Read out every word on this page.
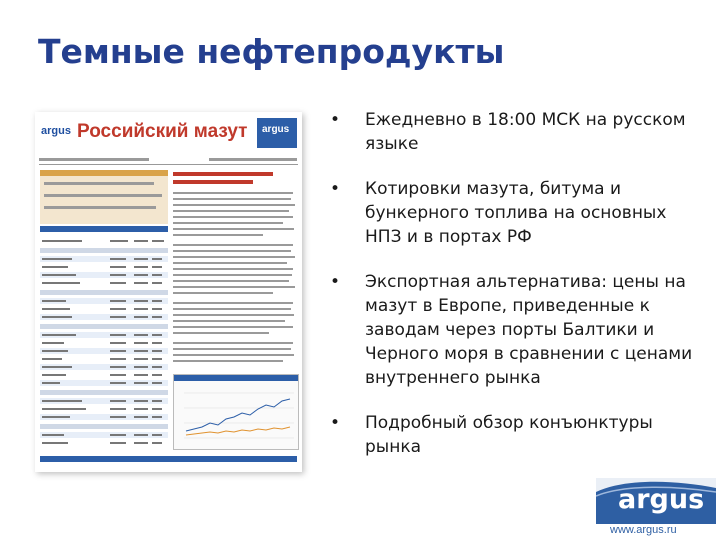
Темные нефтепродукты
argus Российский мазут argus • Ежедневно в 18:00 МСК на русском языке
• Котировки мазута, битума и бункерного топлива на основных НПЗ и в портах РФ
• Экспортная альтернатива: цены на мазут в Европе, приведенные к заводам через порты Балтики и Черного моря в сравнении с ценами внутреннего рынка
• Подробный обзор конъюнктуры рынка
argus
www.argus.ru
